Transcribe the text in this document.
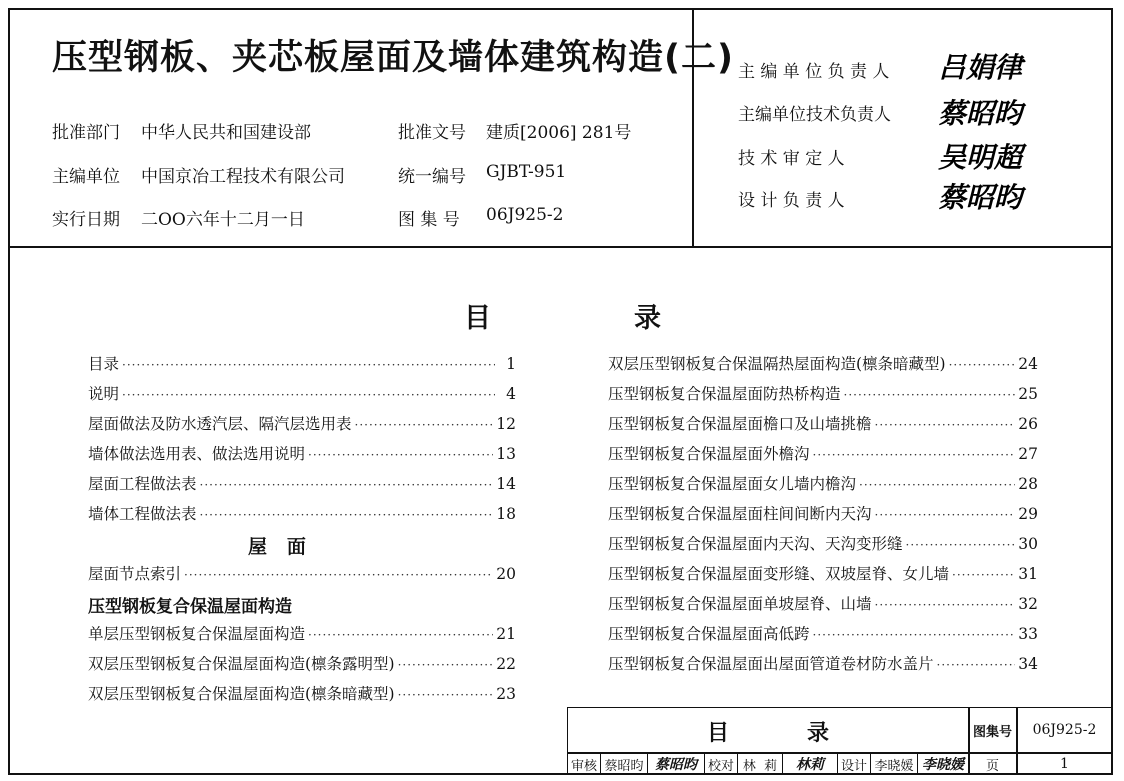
压型钢板、夹芯板屋面及墙体建筑构造(二)
批准部门 中华人民共和国建设部	批准文号 建质[2006] 281号
主编单位 中国京冶工程技术有限公司	统一编号 GJBT-951
实行日期 二OO六年十二月一日	图 集 号 06J925-2
主 编 单 位 负 责 人 吕娟律
主编单位技术负责人 蔡昭昀
技 术 审 定 人	吴明超
设 计 负 责 人	蔡昭昀
目	录
目录 ·····	1
说明 ·····	4
屋面做法及防水透汽层、隔汽层选用表 ·····	12
墙体做法选用表、做法选用说明 ·····	13
屋面工程做法表 ·····	14
墙体工程做法表 ·····	18
屋   面
屋面节点索引 ·····	20
压型钢板复合保温屋面构造
单层压型钢板复合保温屋面构造 ·····	21
双层压型钢板复合保温屋面构造(檩条露明型) ·····	22
双层压型钢板复合保温屋面构造(檩条暗藏型) ·····	23
双层压型钢板复合保温隔热屋面构造(檩条暗藏型) ·····	24
压型钢板复合保温屋面防热桥构造 ·····	25
压型钢板复合保温屋面檐口及山墙挑檐 ·····	26
压型钢板复合保温屋面外檐沟 ·····	27
压型钢板复合保温屋面女儿墙内檐沟 ·····	28
压型钢板复合保温屋面柱间间断内天沟 ·····	29
压型钢板复合保温屋面内天沟、天沟变形缝 ·····	30
压型钢板复合保温屋面变形缝、双坡屋脊、女儿墙 ·····	31
压型钢板复合保温屋面单坡屋脊、山墙 ·····	32
压型钢板复合保温屋面高低跨 ·····	33
压型钢板复合保温屋面出屋面管道卷材防水盖片 ·····	34
目	录	图集号	06J925-2
审核 蔡昭昀 蔡昭昀 校对 林  莉	林莉	设计 李晓媛 李晓媛	页	1
